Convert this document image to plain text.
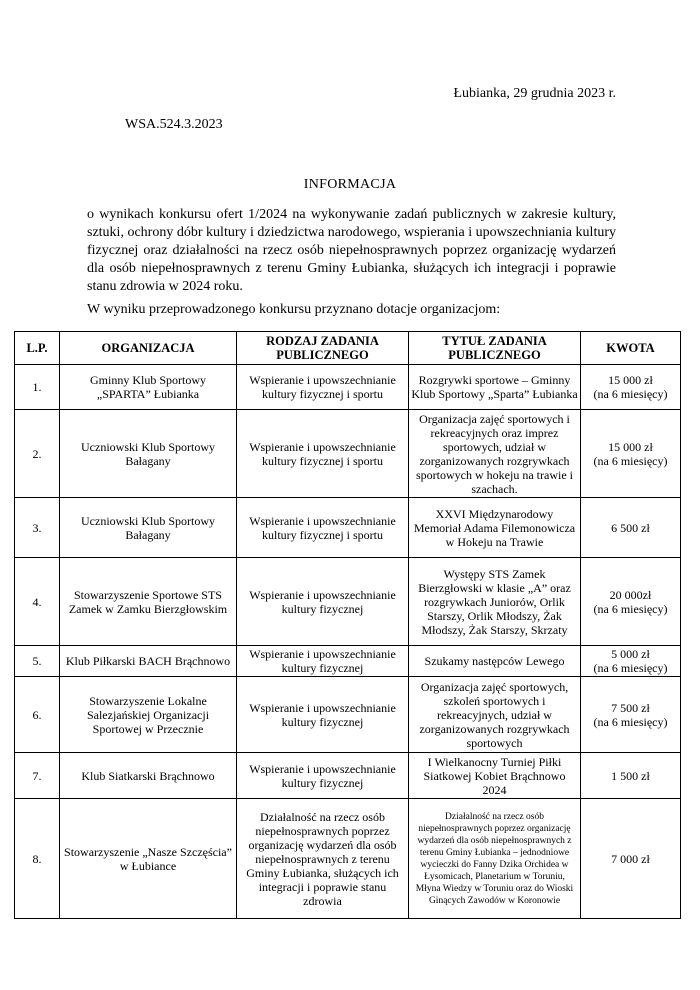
Łubianka, 29 grudnia 2023 r.
WSA.524.3.2023
INFORMACJA
o wynikach konkursu ofert 1/2024 na wykonywanie zadań publicznych w zakresie kultury, sztuki, ochrony dóbr kultury i dziedzictwa narodowego, wspierania i upowszechniania kultury fizycznej oraz działalności na rzecz osób niepełnosprawnych poprzez organizację wydarzeń dla osób niepełnosprawnych z terenu Gminy Łubianka, służących ich integracji i poprawie stanu zdrowia w 2024 roku.
W wyniku przeprowadzonego konkursu przyznano dotacje organizacjom:
L.P.	ORGANIZACJA	RODZAJ ZADANIA PUBLICZNEGO	TYTUŁ ZADANIA PUBLICZNEGO	KWOTA
1.	Gminny Klub Sportowy „SPARTA” Łubianka	Wspieranie i upowszechnianie kultury fizycznej i sportu	Rozgrywki sportowe – Gminny Klub Sportowy „Sparta” Łubianka	15 000 zł
(na 6 miesięcy)

2.	Uczniowski Klub Sportowy Bałagany	Wspieranie i upowszechnianie kultury fizycznej i sportu	Organizacja zajęć sportowych i rekreacyjnych oraz imprez sportowych, udział w zorganizowanych rozgrywkach sportowych w hokeju na trawie i szachach.	15 000 zł
(na 6 miesięcy)

3.	Uczniowski Klub Sportowy Bałagany	Wspieranie i upowszechnianie kultury fizycznej i sportu	XXVI Międzynarodowy Memoriał Adama Filemonowicza w Hokeju na Trawie	6 500 zł

4.	Stowarzyszenie Sportowe STS Zamek w Zamku Bierzgłowskim	Wspieranie i upowszechnianie kultury fizycznej	Występy STS Zamek Bierzgłowski w klasie „A” oraz rozgrywkach Juniorów, Orlik Starszy, Orlik Młodszy, Żak Młodszy, Żak Starszy, Skrzaty	20 000zł
(na 6 miesięcy)

5.	Klub Piłkarski BACH Brąchnowo	Wspieranie i upowszechnianie kultury fizycznej	Szukamy następców Lewego	5 000 zł
(na 6 miesięcy)

6.	Stowarzyszenie Lokalne Salezjańskiej Organizacji Sportowej w Przecznie	Wspieranie i upowszechnianie kultury fizycznej	Organizacja zajęć sportowych, szkoleń sportowych i rekreacyjnych, udział w zorganizowanych rozgrywkach sportowych	7 500 zł
(na 6 miesięcy)

7.	Klub Siatkarski Brąchnowo	Wspieranie i upowszechnianie kultury fizycznej	I Wielkanocny Turniej Piłki Siatkowej Kobiet Brąchnowo 2024	1 500 zł

8.	Stowarzyszenie „Nasze Szczęścia” w Łubiance	Działalność na rzecz osób niepełnosprawnych poprzez organizację wydarzeń dla osób niepełnosprawnych z terenu Gminy Łubianka, służących ich integracji i poprawie stanu zdrowia	Działalność na rzecz osób niepełnosprawnych poprzez organizację wydarzeń dla osób niepełnosprawnych z terenu Gminy Łubianka – jednodniowe wycieczki do Fanny Dzika Orchidea w Łysomicach, Planetarium w Toruniu, Młyna Wiedzy w Toruniu oraz do Wioski Ginących Zawodów w Koronowie	7 000 zł
